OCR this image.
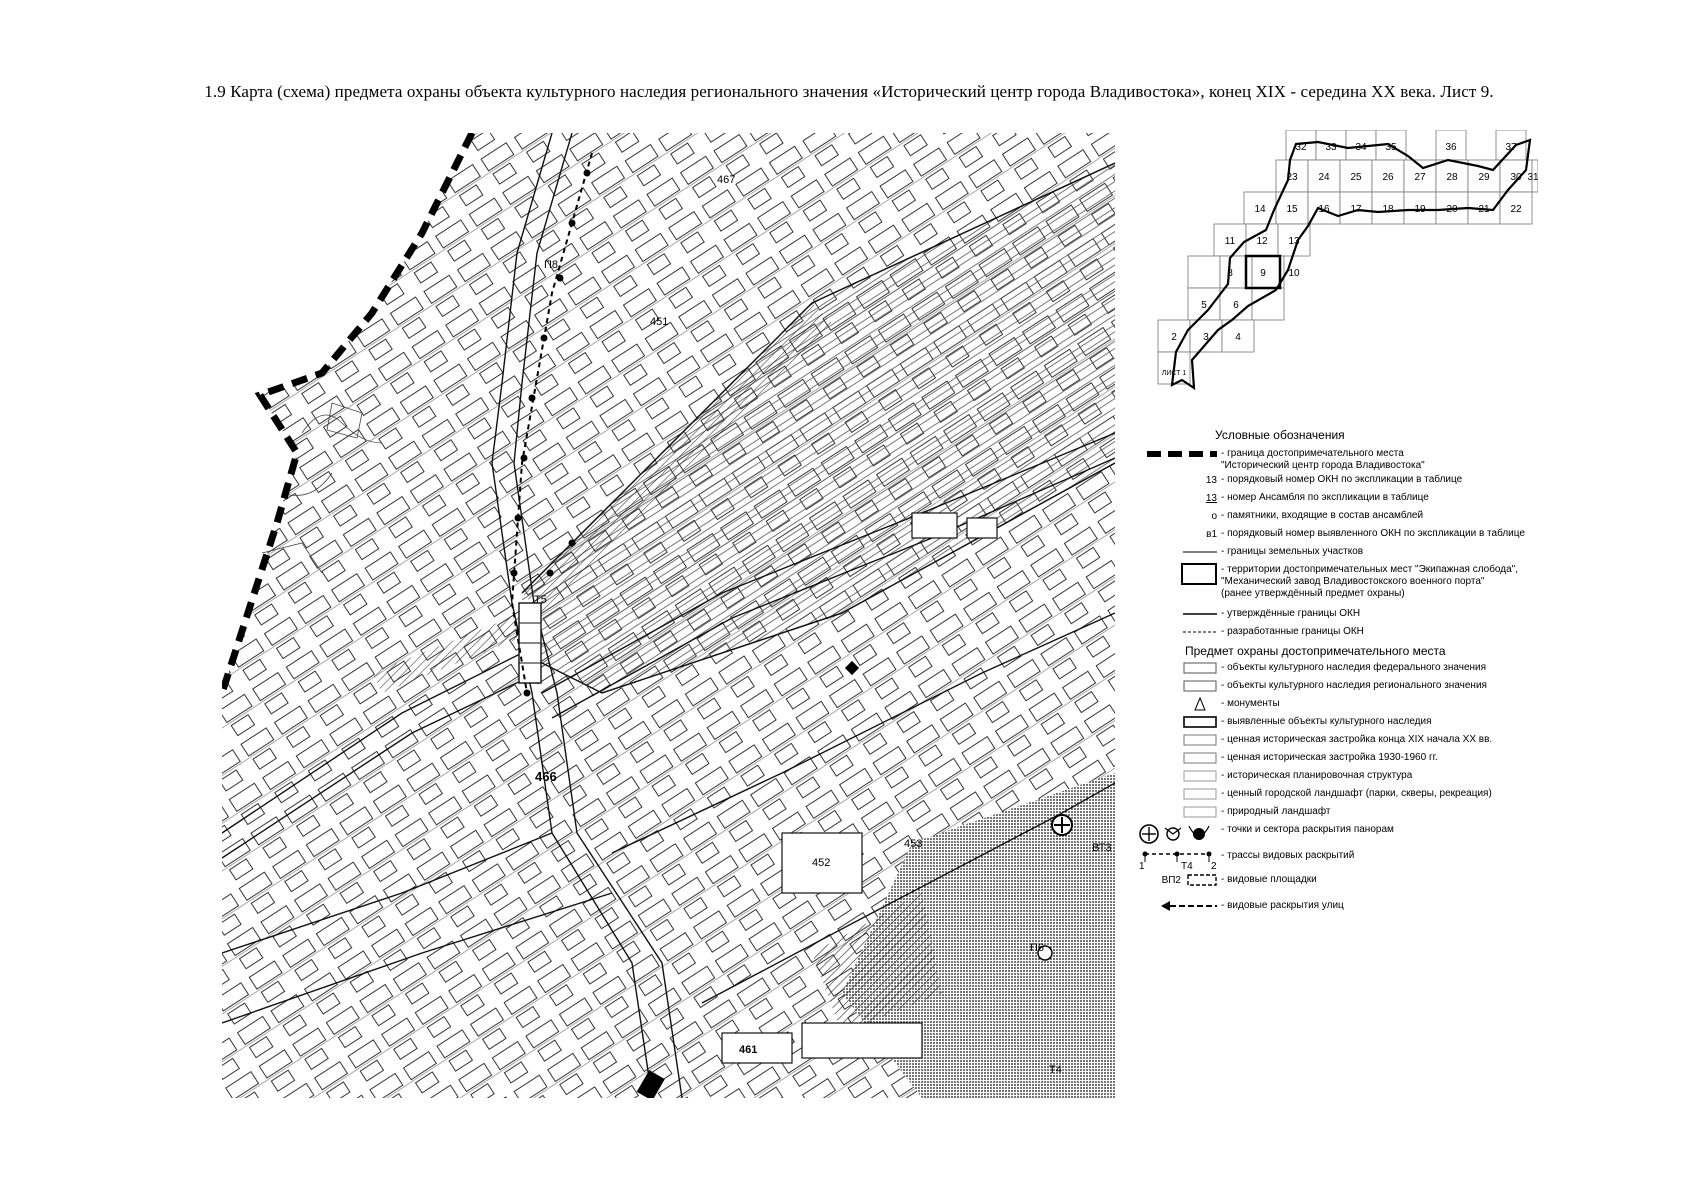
1.9 Карта (схема) предмета охраны объекта культурного наследия регионального значения «Исторический центр города Владивостока», конец XIX - середина XX века. Лист 9.
П8
467
451
466
452
453
461
П6
Т5
Т4
ВТ3
32 33 34 35	36	37
23 24 25 26 27 28 29 30 31
14 15 16 17 18 19 20 21 22
11 12 13
8	9 10
5	6
2	3	4
ЛИСТ 1
Условные обозначения
- граница достопримечательного места
"Исторический центр города Владивостока"
13 - порядковый номер ОКН по экспликации в таблице
13 - номер Ансамбля по экспликации в таблице
о - памятники, входящие в состав ансамблей
в1 - порядковый номер выявленного ОКН по экспликации в таблице
- границы земельных участков
- территории достопримечательных мест "Экипажная слобода",
"Механический завод Владивостокского военного порта"
(ранее утверждённый предмет охраны)
- утверждённые границы ОКН
- разработанные границы ОКН
Предмет охраны достопримечательного места
- объекты культурного наследия федерального значения
- объекты культурного наследия регионального значения
- монументы
- выявленные объекты культурного наследия
- ценная историческая застройка конца XIX начала XX вв.
- ценная историческая застройка 1930-1960 гг.
- историческая планировочная структура
- ценный городской ландшафт (парки, скверы, рекреация)
- природный ландшафт
- точки и сектора раскрытия панорам
1	Т4 2
- трассы видовых раскрытий
ВП2	- видовые площадки
- видовые раскрытия улиц
